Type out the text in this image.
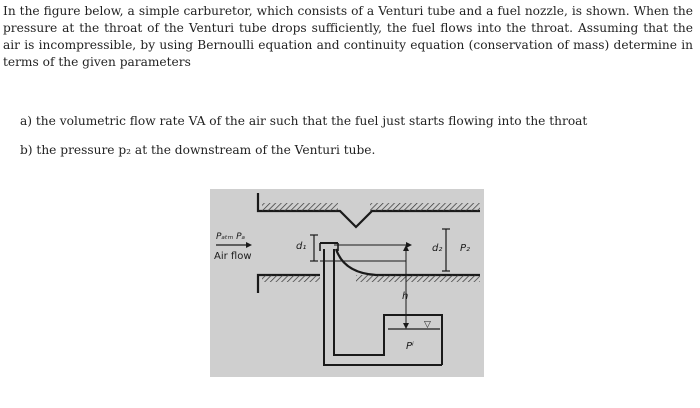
In the figure below, a simple carburetor, which consists of a Venturi tube and a fuel nozzle, is shown. When the pressure at the throat of the Venturi tube drops sufficiently, the fuel flows into the throat. Assuming that the air is incompressible, by using Bernoulli equation and continuity equation (conservation of mass) determine in terms of the given parameters

a) the volumetric flow rate VA of the air such that the fuel just starts flowing into the throat

b) the pressure p₂ at the downstream of the Venturi tube.

Pₐₜₘ Pₐ
Air flow
d₁	d₂ P₂
h
Pⁱ
▽
